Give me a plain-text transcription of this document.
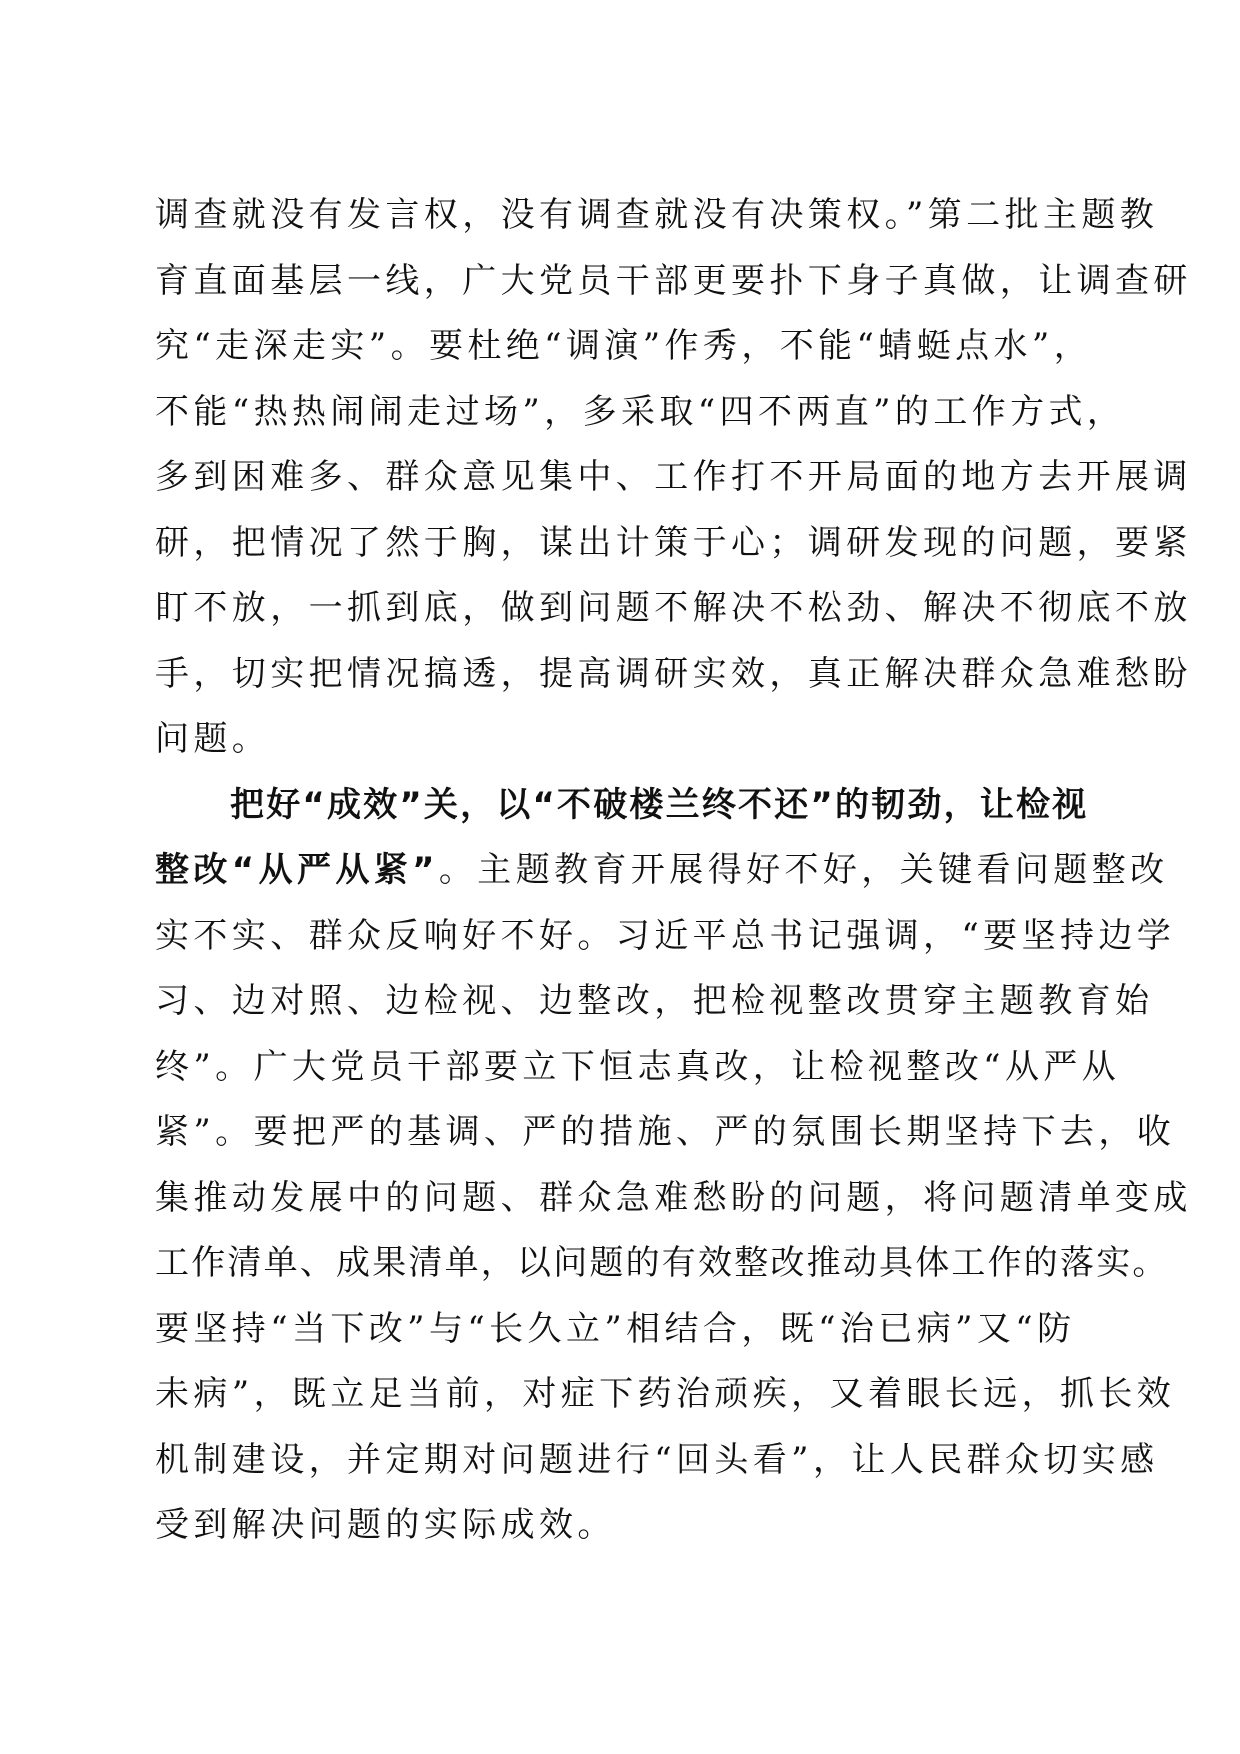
调查就没有发言权，没有调查就没有决策权。”第二批主题教
育直面基层一线，广大党员干部更要扑下身子真做，让调查研
究“走深走实”。要杜绝“调演”作秀，不能“蜻蜓点水”，
不能“热热闹闹走过场”，多采取“四不两直”的工作方式，
多到困难多、群众意见集中、工作打不开局面的地方去开展调
研，把情况了然于胸，谋出计策于心；调研发现的问题，要紧
盯不放，一抓到底，做到问题不解决不松劲、解决不彻底不放
手，切实把情况搞透，提高调研实效，真正解决群众急难愁盼
问题。
把好“成效”关，以“不破楼兰终不还”的韧劲，让检视
整改“从严从紧”。主题教育开展得好不好，关键看问题整改
实不实、群众反响好不好。习近平总书记强调，“要坚持边学
习、边对照、边检视、边整改，把检视整改贯穿主题教育始
终”。广大党员干部要立下恒志真改，让检视整改“从严从
紧”。要把严的基调、严的措施、严的氛围长期坚持下去，收
集推动发展中的问题、群众急难愁盼的问题，将问题清单变成
工作清单、成果清单，以问题的有效整改推动具体工作的落实。
要坚持“当下改”与“长久立”相结合，既“治已病”又“防
未病”，既立足当前，对症下药治顽疾，又着眼长远，抓长效
机制建设，并定期对问题进行“回头看”，让人民群众切实感
受到解决问题的实际成效。
